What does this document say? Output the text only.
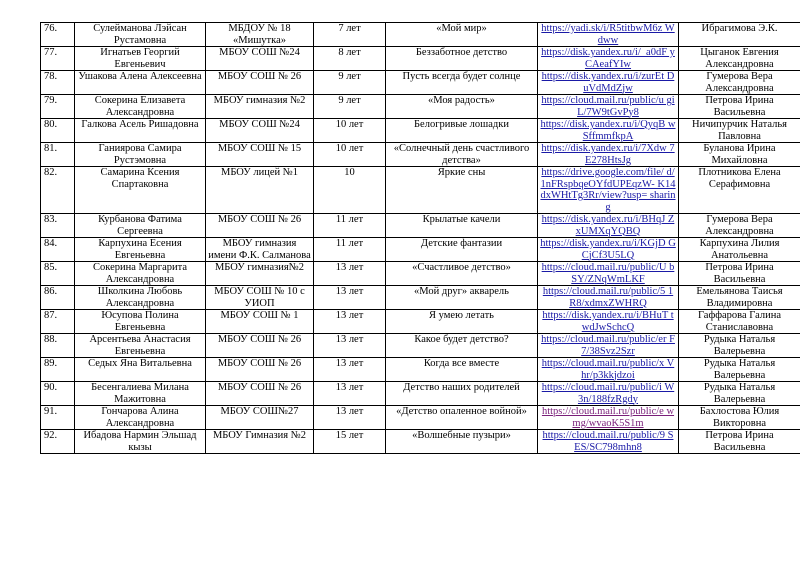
76.	Сулейманова Лэйсан Рустамовна	МБДОУ № 18 «Мишутка»	7 лет	«Мой мир»	https://yadi.sk/i/R5titbwM6z Wdww	Ибрагимова Э.К.
77.	Игнатьев Георгий Евгеньевич	МБОУ СОШ №24	8 лет	Беззаботное детство	https://disk.yandex.ru/i/_a0dF yCAeafYIw	Цыганок Евгения Александровна
78.	Ушакова Алена Алексеевна	МБОУ СОШ № 26	9 лет	Пусть всегда будет солнце	https://disk.yandex.ru/i/zurEt DuVdMdZjw	Гумерова Вера Александровна
79.	Сокерина Елизавета Александровна	МБОУ гимназия №2	9 лет	«Моя радость»	https://cloud.mail.ru/public/u giL/7W9tGvPy8	Петрова Ирина Васильевна
80.	Галкова Асель Ришадовна	МБОУ СОШ №24	10 лет	Белогривые лошадки	https://disk.yandex.ru/i/QyqB wSffmmfkpA	Ничипурчик Наталья Павловна
81.	Ганиярова Самира Рустэмовна	МБОУ СОШ № 15	10 лет	«Солнечный день счастливого детства»	https://disk.yandex.ru/i/7Xdw 7E278HtsJg	Буланова Ирина Михайловна
82.	Самарина Ксения Спартаковна	МБОУ лицей №1	10	Яркие сны	https://drive.google.com/file/ d/1nFRspbqeOYfdUPEqzW- K14dxWHtTg3Rr/view?usp= sharing	Плотникова Елена Серафимовна
83.	Курбанова Фатима Сергеевна	МБОУ СОШ № 26	11 лет	Крылатые качели	https://disk.yandex.ru/i/BHqJ ZxUMXqYQBQ	Гумерова Вера Александровна
84.	Карпухина Есения Евгеньевна	МБОУ гимназия имени Ф.К. Салманова	11 лет	Детские фантазии	https://disk.yandex.ru/i/KGjD GCjCf3U5LQ	Карпухина Лилия Анатольевна
85.	Сокерина Маргарита Александровна	МБОУ гимназия№2	13 лет	«Счастливое детство»	https://cloud.mail.ru/public/U bSY/ZNqWmLKF	Петрова Ирина Васильевна
86.	Школкина Любовь Александровна	МБОУ СОШ № 10 с УИОП	13 лет	«Мой друг» акварель	https://cloud.mail.ru/public/5 1R8/xdmxZWHRQ	Емельянова Таисья Владимировна
87.	Юсупова Полина Евгеньевна	МБОУ СОШ № 1	13 лет	Я умею летать	https://disk.yandex.ru/i/BHuT twdJwSchcQ	Гаффарова Галина Станиславовна
88.	Арсентьева Анастасия Евгеньевна	МБОУ СОШ № 26	13 лет	Какое будет детство?	https://cloud.mail.ru/public/er F7/38Svz2Szr	Рудыка Наталья Валерьевна
89.	Седых Яна Витальевна	МБОУ СОШ № 26	13 лет	Когда все вместе	https://cloud.mail.ru/public/x Vhr/p3kkjdzoi	Рудыка Наталья Валерьевна
90.	Бесенгалиева Милана Мажитовна	МБОУ СОШ № 26	13 лет	Детство наших родителей	https://cloud.mail.ru/public/i W3n/188fzRgdy	Рудыка Наталья Валерьевна
91.	Гончарова Алина Александровна	МБОУ СОШ№27	13 лет	«Детство опаленное войной»	https://cloud.mail.ru/public/e wmg/wvaoK5S1m	Бахлостова Юлия Викторовна
92.	Ибадова Нармин Эльшад кызы	МБОУ Гимназия №2	15 лет	«Волшебные пузыри»	https://cloud.mail.ru/public/9 SES/SC798mhn8	Петрова Ирина Васильевна
